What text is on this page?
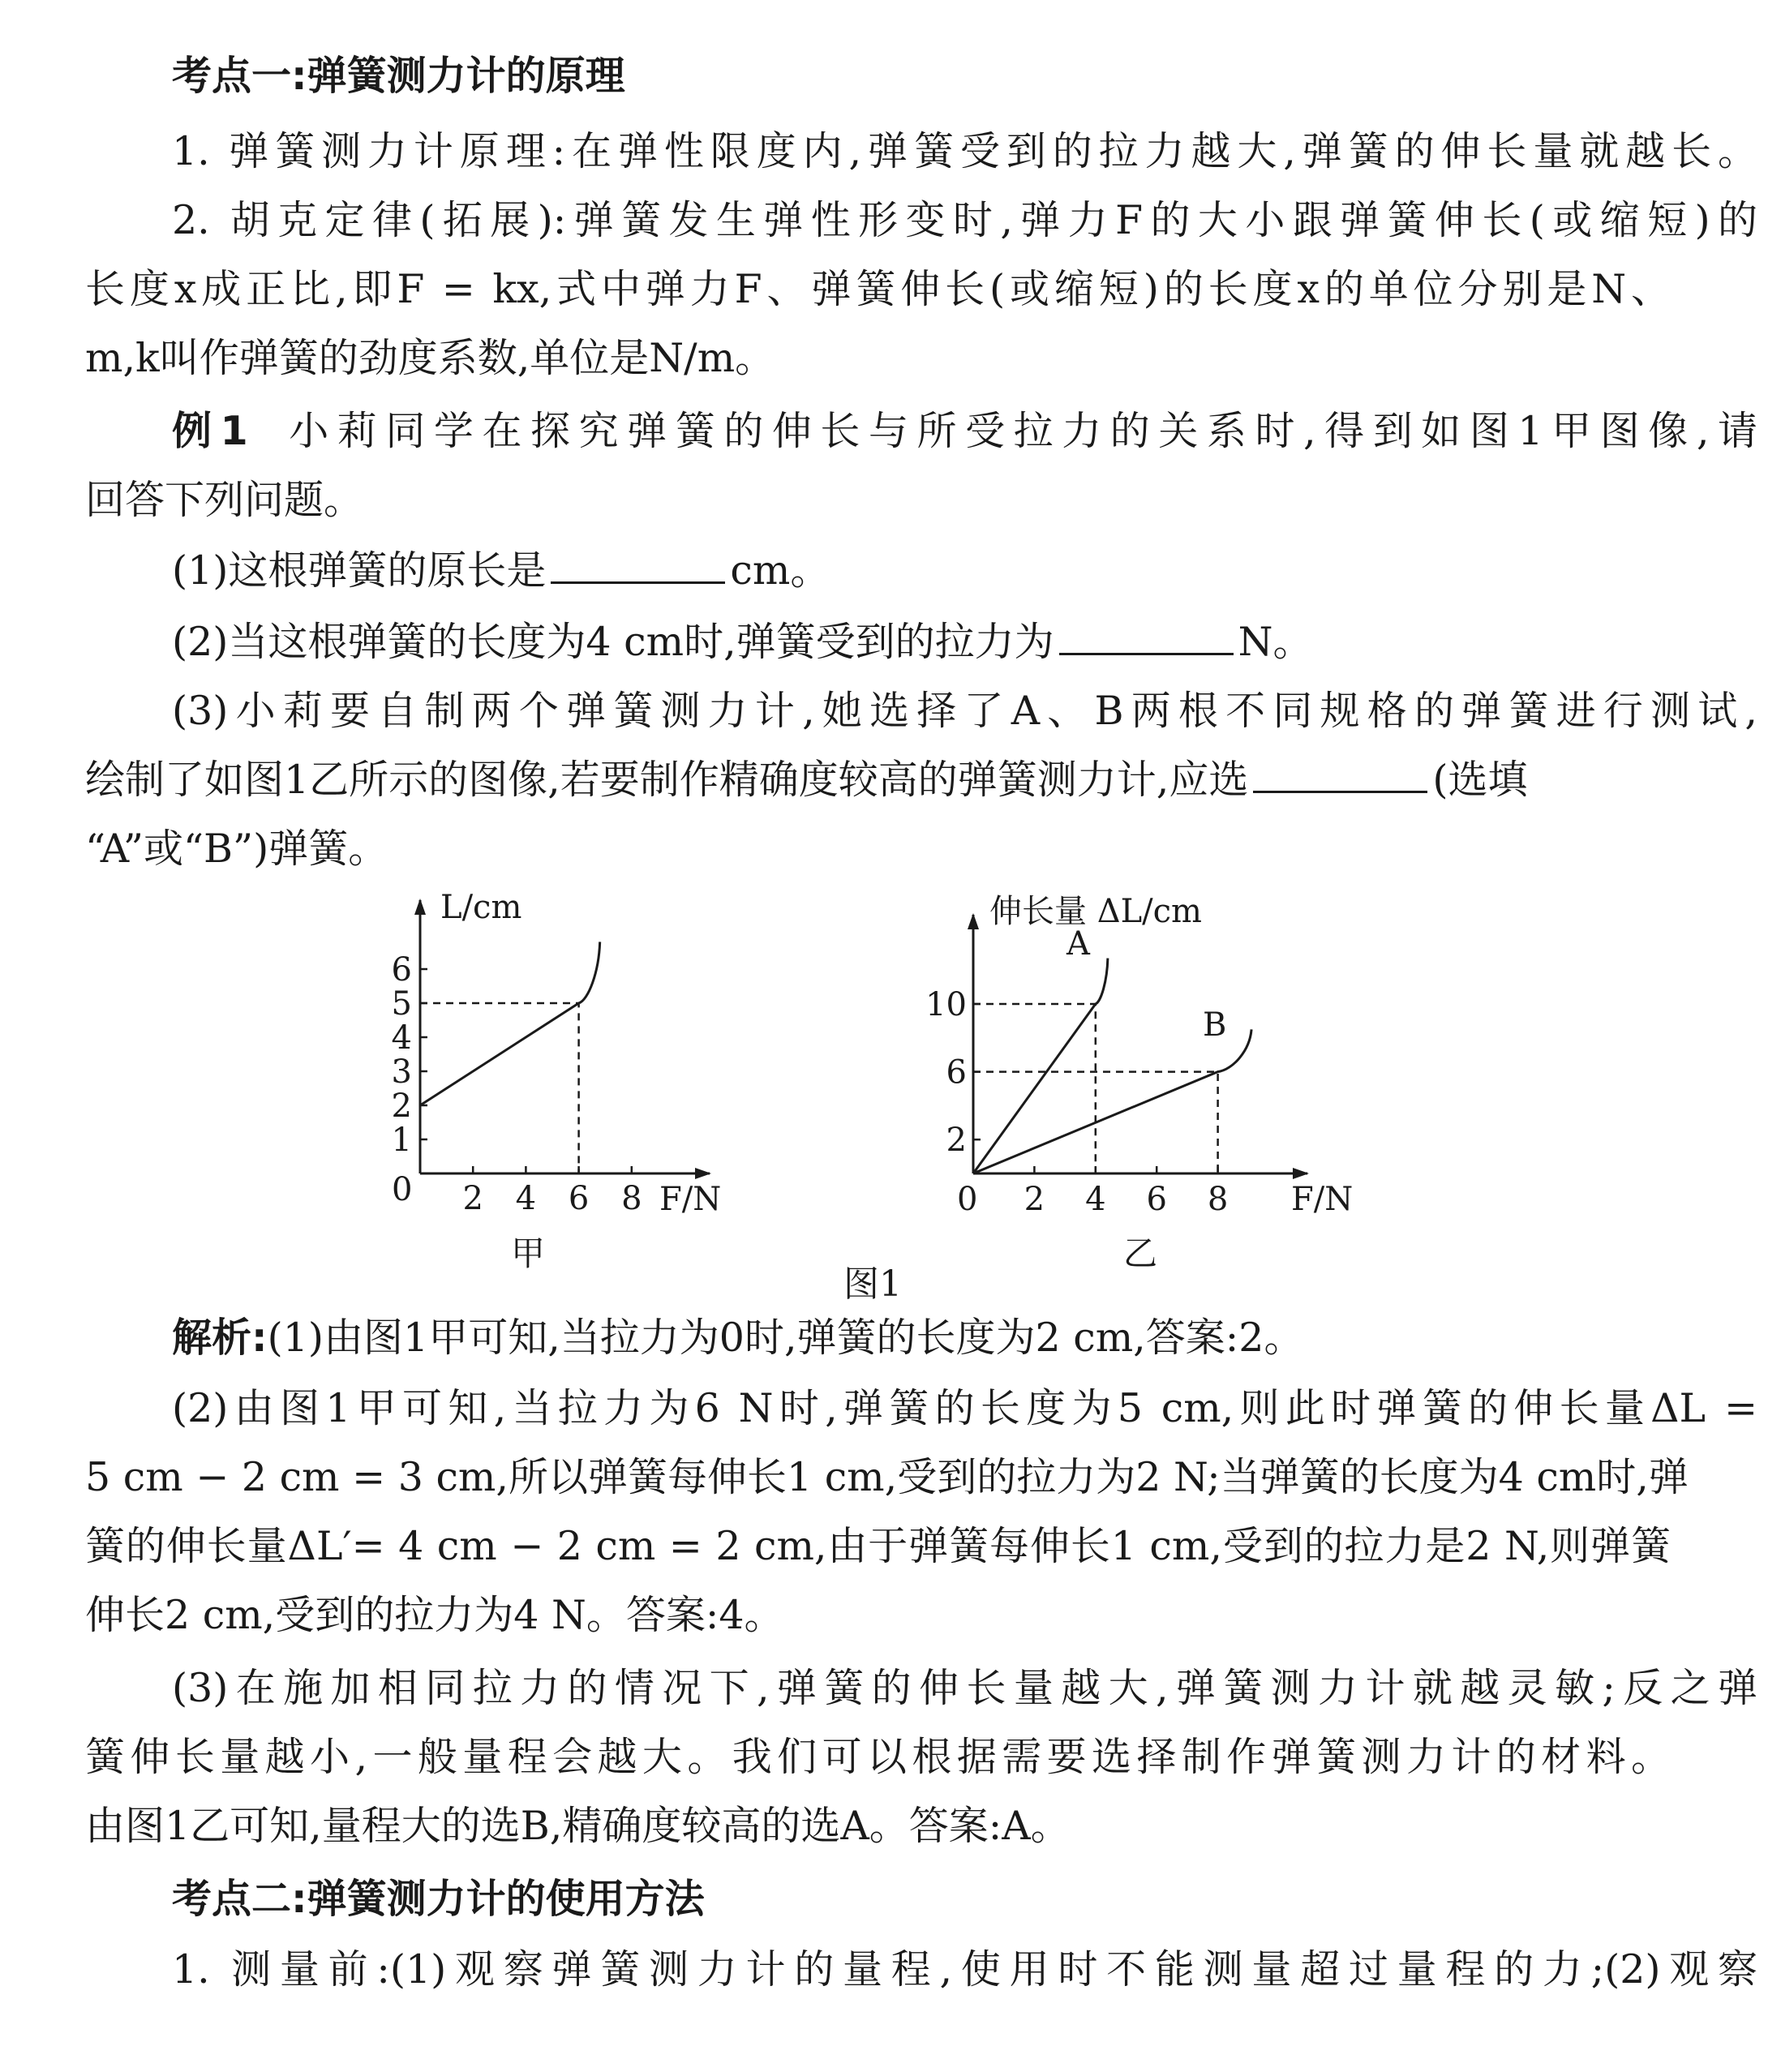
考点一:弹簧测力计的原理
1. 弹簧测力计原理:在弹性限度内,弹簧受到的拉力越大,弹簧的伸长量就越长。
2. 胡克定律(拓展):弹簧发生弹性形变时,弹力F的大小跟弹簧伸长(或缩短)的
长度x成正比,即F = kx,式中弹力F、弹簧伸长(或缩短)的长度x的单位分别是N、
m,k叫作弹簧的劲度系数,单位是N/m。
例1 小莉同学在探究弹簧的伸长与所受拉力的关系时,得到如图1甲图像,请
回答下列问题。
(1)这根弹簧的原长是	cm。
(2)当这根弹簧的长度为4 cm时,弹簧受到的拉力为	N。
(3)小莉要自制两个弹簧测力计,她选择了A、B两根不同规格的弹簧进行测试,
绘制了如图1乙所示的图像,若要制作精确度较高的弹簧测力计,应选	(选填
“A”或“B”)弹簧。
2 4 6 8
1
2
3
4
5
6
L/cm
F/N
0
甲
2 4 6 8
2
6
10
伸长量 ΔL/cm
F/N
0
A
B
乙
图1
解析:(1)由图1甲可知,当拉力为0时,弹簧的长度为2 cm,答案:2。
(2)由图1甲可知,当拉力为6 N时,弹簧的长度为5 cm,则此时弹簧的伸长量ΔL =
5 cm − 2 cm = 3 cm,所以弹簧每伸长1 cm,受到的拉力为2 N;当弹簧的长度为4 cm时,弹
簧的伸长量ΔL′= 4 cm − 2 cm = 2 cm,由于弹簧每伸长1 cm,受到的拉力是2 N,则弹簧
伸长2 cm,受到的拉力为4 N。答案:4。
(3)在施加相同拉力的情况下,弹簧的伸长量越大,弹簧测力计就越灵敏;反之弹
簧伸长量越小,一般量程会越大。我们可以根据需要选择制作弹簧测力计的材料。
由图1乙可知,量程大的选B,精确度较高的选A。答案:A。
考点二:弹簧测力计的使用方法
1. 测量前:(1)观察弹簧测力计的量程,使用时不能测量超过量程的力;(2)观察
